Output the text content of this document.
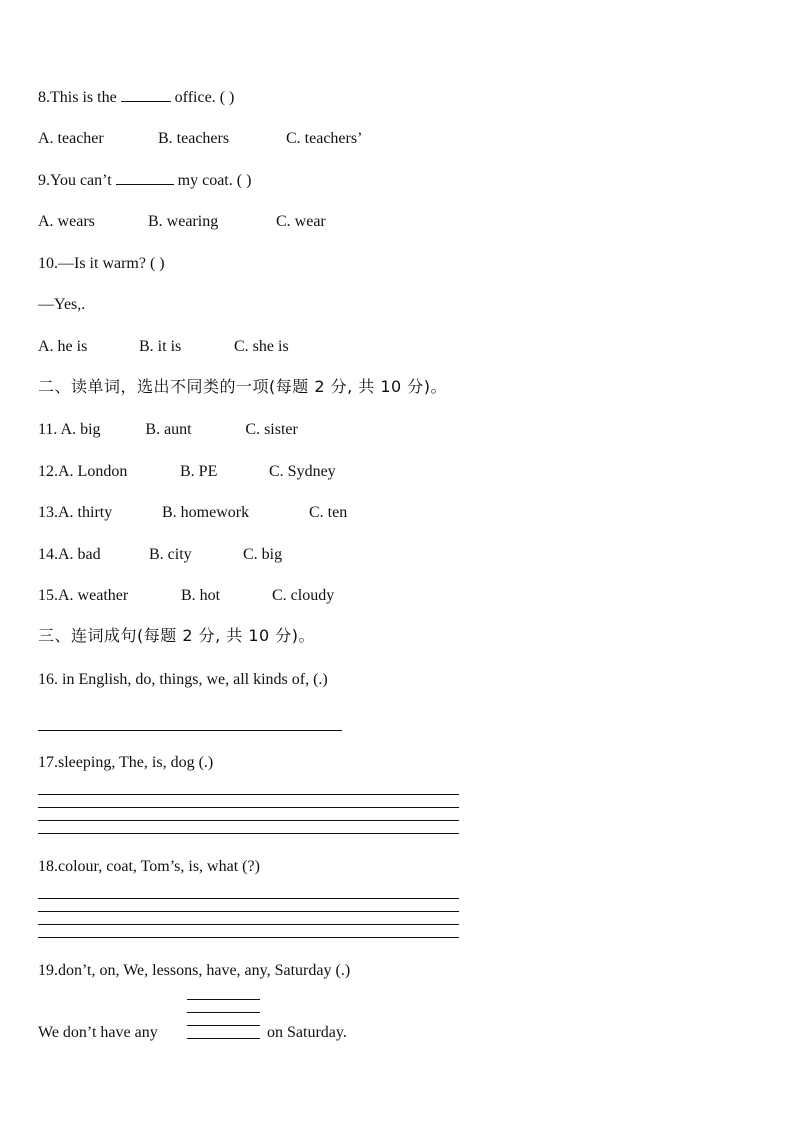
8.This is the	office. ( )
A. teacher	B. teachers	C. teachers’
9.You can’t	my coat. ( )
A. wears	B. wearing	C. wear
10.—Is it warm? ( )
—Yes,.
A. he is	B. it is	C. she is
二、读单词，选出不同类的一项(每题 2 分, 共 10 分)。
11. A. big	B. aunt	C. sister
12.A. London	B. PE	C. Sydney
13.A. thirty	B. homework	C. ten
14.A. bad	B. city	C. big
15.A. weather	B. hot	C. cloudy
三、连词成句(每题 2 分, 共 10 分)。
16. in English, do, things, we, all kinds of, (.)
17.sleeping, The, is, dog (.)
18.colour, coat, Tom’s, is, what (?)
19.don’t, on, We, lessons, have, any, Saturday (.)
We don’t have any	on Saturday.
